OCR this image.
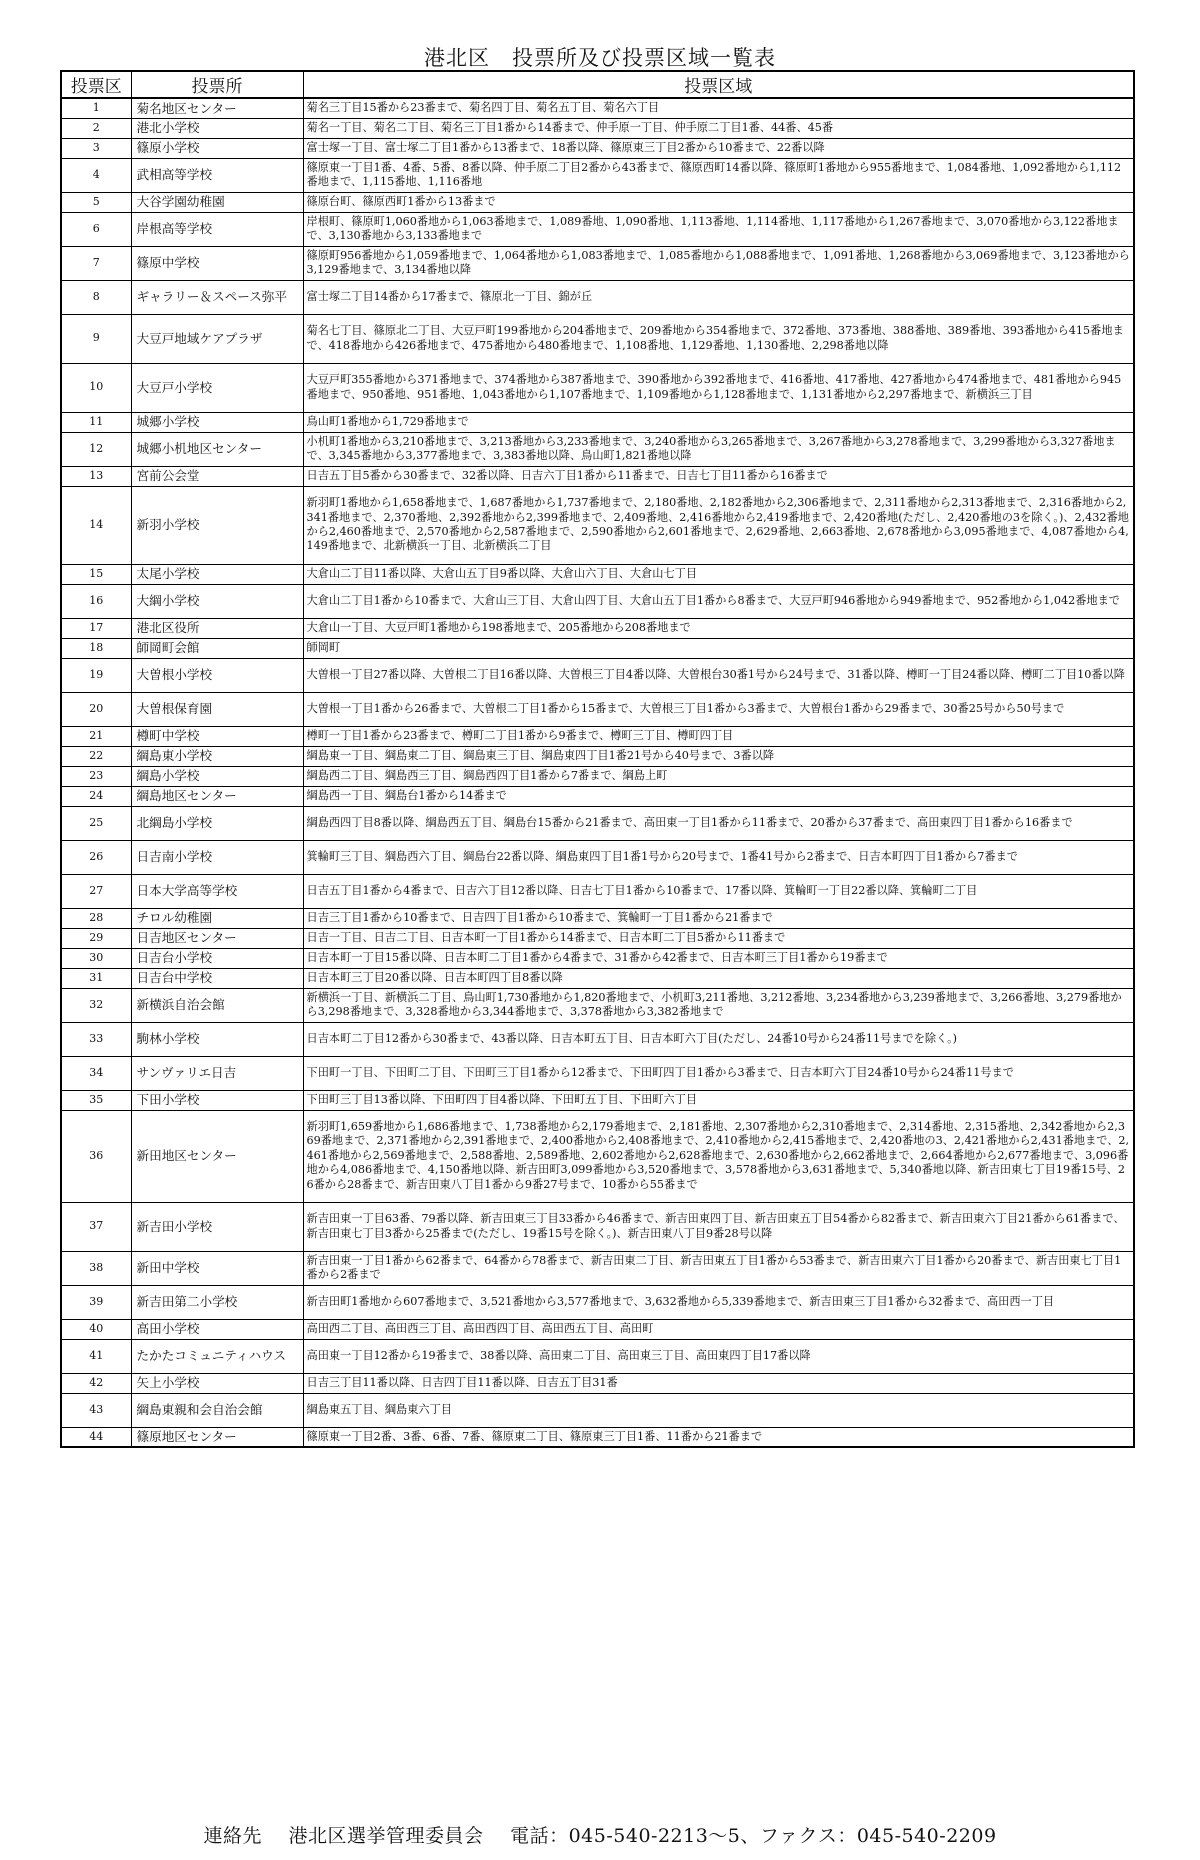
港北区　投票所及び投票区域一覧表
投票区	投票所	投票区域
1	菊名地区センター	菊名三丁目15番から23番まで、菊名四丁目、菊名五丁目、菊名六丁目
2	港北小学校	菊名一丁目、菊名二丁目、菊名三丁目1番から14番まで、仲手原一丁目、仲手原二丁目1番、44番、45番
3	篠原小学校	富士塚一丁目、富士塚二丁目1番から13番まで、18番以降、篠原東三丁目2番から10番まで、22番以降
4	武相高等学校	篠原東一丁目1番、4番、5番、8番以降、仲手原二丁目2番から43番まで、篠原西町14番以降、篠原町1番地から955番地まで、1,084番地、1,092番地から1,112番地まで、1,115番地、1,116番地
5	大谷学園幼稚園	篠原台町、篠原西町1番から13番まで
6	岸根高等学校	岸根町、篠原町1,060番地から1,063番地まで、1,089番地、1,090番地、1,113番地、1,114番地、1,117番地から1,267番地まで、3,070番地から3,122番地まで、3,130番地から3,133番地まで
7	篠原中学校	篠原町956番地から1,059番地まで、1,064番地から1,083番地まで、1,085番地から1,088番地まで、1,091番地、1,268番地から3,069番地まで、3,123番地から3,129番地まで、3,134番地以降
8	ギャラリー＆スペース弥平	富士塚二丁目14番から17番まで、篠原北一丁目、錦が丘
9	大豆戸地域ケアプラザ	菊名七丁目、篠原北二丁目、大豆戸町199番地から204番地まで、209番地から354番地まで、372番地、373番地、388番地、389番地、393番地から415番地まで、418番地から426番地まで、475番地から480番地まで、1,108番地、1,129番地、1,130番地、2,298番地以降
10	大豆戸小学校	大豆戸町355番地から371番地まで、374番地から387番地まで、390番地から392番地まで、416番地、417番地、427番地から474番地まで、481番地から945番地まで、950番地、951番地、1,043番地から1,107番地まで、1,109番地から1,128番地まで、1,131番地から2,297番地まで、新横浜三丁目
11	城郷小学校	鳥山町1番地から1,729番地まで
12	城郷小机地区センター	小机町1番地から3,210番地まで、3,213番地から3,233番地まで、3,240番地から3,265番地まで、3,267番地から3,278番地まで、3,299番地から3,327番地まで、3,345番地から3,377番地まで、3,383番地以降、鳥山町1,821番地以降
13	宮前公会堂	日吉五丁目5番から30番まで、32番以降、日吉六丁目1番から11番まで、日吉七丁目11番から16番まで
14	新羽小学校	新羽町1番地から1,658番地まで、1,687番地から1,737番地まで、2,180番地、2,182番地から2,306番地まで、2,311番地から2,313番地まで、2,316番地から2,341番地まで、2,370番地、2,392番地から2,399番地まで、2,409番地、2,416番地から2,419番地まで、2,420番地(ただし、2,420番地の3を除く。)、2,432番地から2,460番地まで、2,570番地から2,587番地まで、2,590番地から2,601番地まで、2,629番地、2,663番地、2,678番地から3,095番地まで、4,087番地から4,149番地まで、北新横浜一丁目、北新横浜二丁目
15	太尾小学校	大倉山二丁目11番以降、大倉山五丁目9番以降、大倉山六丁目、大倉山七丁目
16	大綱小学校	大倉山二丁目1番から10番まで、大倉山三丁目、大倉山四丁目、大倉山五丁目1番から8番まで、大豆戸町946番地から949番地まで、952番地から1,042番地まで
17	港北区役所	大倉山一丁目、大豆戸町1番地から198番地まで、205番地から208番地まで
18	師岡町会館	師岡町
19	大曽根小学校	大曽根一丁目27番以降、大曽根二丁目16番以降、大曽根三丁目4番以降、大曽根台30番1号から24号まで、31番以降、樽町一丁目24番以降、樽町二丁目10番以降
20	大曽根保育園	大曽根一丁目1番から26番まで、大曽根二丁目1番から15番まで、大曽根三丁目1番から3番まで、大曽根台1番から29番まで、30番25号から50号まで
21	樽町中学校	樽町一丁目1番から23番まで、樽町二丁目1番から9番まで、樽町三丁目、樽町四丁目
22	綱島東小学校	綱島東一丁目、綱島東二丁目、綱島東三丁目、綱島東四丁目1番21号から40号まで、3番以降
23	綱島小学校	綱島西二丁目、綱島西三丁目、綱島西四丁目1番から7番まで、綱島上町
24	綱島地区センター	綱島西一丁目、綱島台1番から14番まで
25	北綱島小学校	綱島西四丁目8番以降、綱島西五丁目、綱島台15番から21番まで、高田東一丁目1番から11番まで、20番から37番まで、高田東四丁目1番から16番まで
26	日吉南小学校	箕輪町三丁目、綱島西六丁目、綱島台22番以降、綱島東四丁目1番1号から20号まで、1番41号から2番まで、日吉本町四丁目1番から7番まで
27	日本大学高等学校	日吉五丁目1番から4番まで、日吉六丁目12番以降、日吉七丁目1番から10番まで、17番以降、箕輪町一丁目22番以降、箕輪町二丁目
28	チロル幼稚園	日吉三丁目1番から10番まで、日吉四丁目1番から10番まで、箕輪町一丁目1番から21番まで
29	日吉地区センター	日吉一丁目、日吉二丁目、日吉本町一丁目1番から14番まで、日吉本町二丁目5番から11番まで
30	日吉台小学校	日吉本町一丁目15番以降、日吉本町二丁目1番から4番まで、31番から42番まで、日吉本町三丁目1番から19番まで
31	日吉台中学校	日吉本町三丁目20番以降、日吉本町四丁目8番以降
32	新横浜自治会館	新横浜一丁目、新横浜二丁目、鳥山町1,730番地から1,820番地まで、小机町3,211番地、3,212番地、3,234番地から3,239番地まで、3,266番地、3,279番地から3,298番地まで、3,328番地から3,344番地まで、3,378番地から3,382番地まで
33	駒林小学校	日吉本町二丁目12番から30番まで、43番以降、日吉本町五丁目、日吉本町六丁目(ただし、24番10号から24番11号までを除く。)
34	サンヴァリエ日吉	下田町一丁目、下田町二丁目、下田町三丁目1番から12番まで、下田町四丁目1番から3番まで、日吉本町六丁目24番10号から24番11号まで
35	下田小学校	下田町三丁目13番以降、下田町四丁目4番以降、下田町五丁目、下田町六丁目
36	新田地区センター	新羽町1,659番地から1,686番地まで、1,738番地から2,179番地まで、2,181番地、2,307番地から2,310番地まで、2,314番地、2,315番地、2,342番地から2,369番地まで、2,371番地から2,391番地まで、2,400番地から2,408番地まで、2,410番地から2,415番地まで、2,420番地の3、2,421番地から2,431番地まで、2,461番地から2,569番地まで、2,588番地、2,589番地、2,602番地から2,628番地まで、2,630番地から2,662番地まで、2,664番地から2,677番地まで、3,096番地から4,086番地まで、4,150番地以降、新吉田町3,099番地から3,520番地まで、3,578番地から3,631番地まで、5,340番地以降、新吉田東七丁目19番15号、26番から28番まで、新吉田東八丁目1番から9番27号まで、10番から55番まで
37	新吉田小学校	新吉田東一丁目63番、79番以降、新吉田東三丁目33番から46番まで、新吉田東四丁目、新吉田東五丁目54番から82番まで、新吉田東六丁目21番から61番まで、新吉田東七丁目3番から25番まで(ただし、19番15号を除く。)、新吉田東八丁目9番28号以降
38	新田中学校	新吉田東一丁目1番から62番まで、64番から78番まで、新吉田東二丁目、新吉田東五丁目1番から53番まで、新吉田東六丁目1番から20番まで、新吉田東七丁目1番から2番まで
39	新吉田第二小学校	新吉田町1番地から607番地まで、3,521番地から3,577番地まで、3,632番地から5,339番地まで、新吉田東三丁目1番から32番まで、高田西一丁目
40	高田小学校	高田西二丁目、高田西三丁目、高田西四丁目、高田西五丁目、高田町
41	たかたコミュニティハウス	高田東一丁目12番から19番まで、38番以降、高田東二丁目、高田東三丁目、高田東四丁目17番以降
42	矢上小学校	日吉三丁目11番以降、日吉四丁目11番以降、日吉五丁目31番
43	綱島東親和会自治会館	綱島東五丁目、綱島東六丁目
44	篠原地区センター	篠原東一丁目2番、3番、6番、7番、篠原東二丁目、篠原東三丁目1番、11番から21番まで
連絡先 港北区選挙管理委員会 電話：045-540-2213～5、ファクス：045-540-2209
